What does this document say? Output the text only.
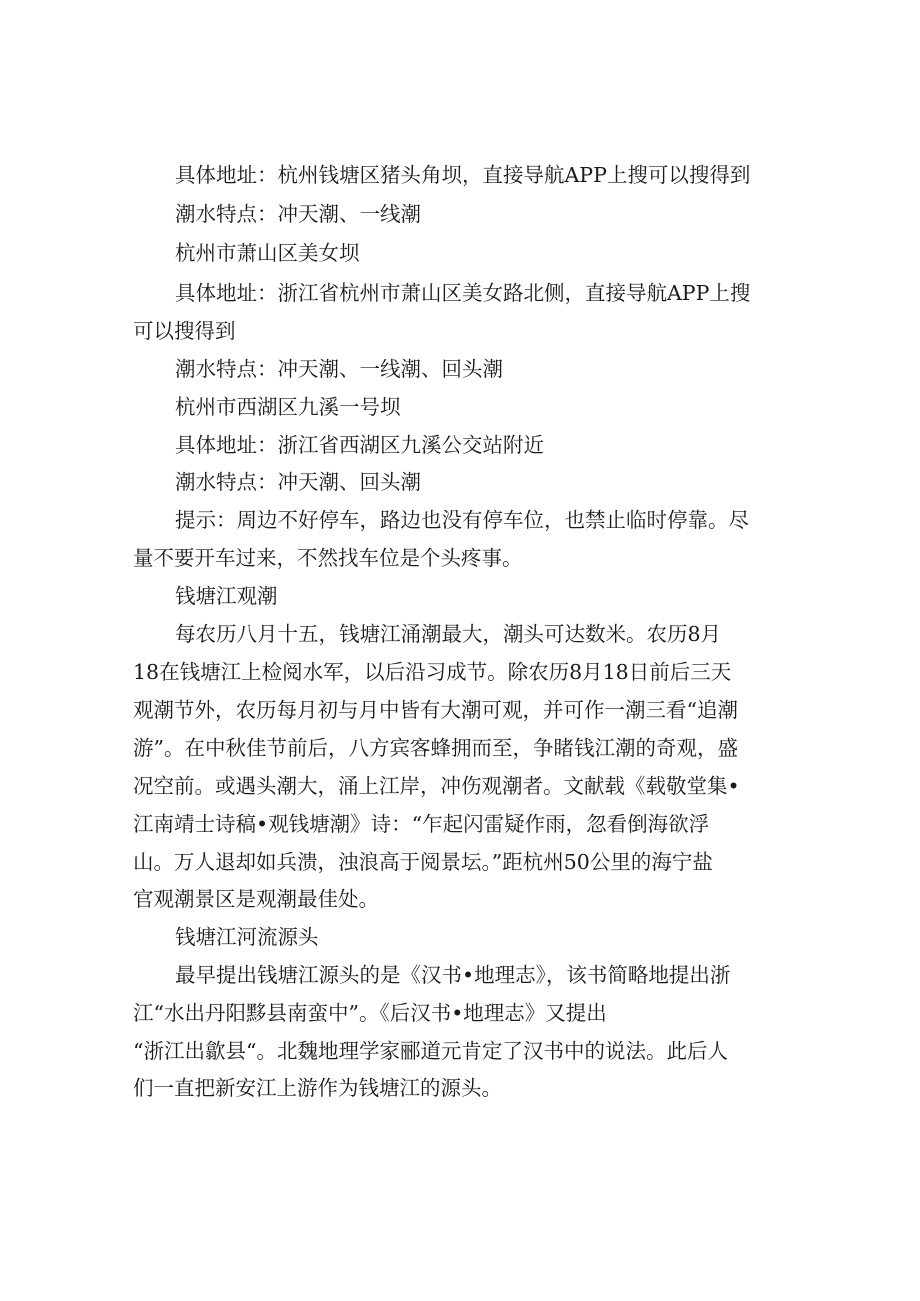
具体地址：杭州钱塘区猪头角坝，直接导航APP上搜可以搜得到
潮水特点：冲天潮、一线潮
杭州市萧山区美女坝
具体地址：浙江省杭州市萧山区美女路北侧，直接导航APP上搜
可以搜得到
潮水特点：冲天潮、一线潮、回头潮
杭州市西湖区九溪一号坝
具体地址：浙江省西湖区九溪公交站附近
潮水特点：冲天潮、回头潮
提示：周边不好停车，路边也没有停车位，也禁止临时停靠。尽
量不要开车过来，不然找车位是个头疼事。
钱塘江观潮
每农历八月十五，钱塘江涌潮最大，潮头可达数米。农历8月
18在钱塘江上检阅水军，以后沿习成节。除农历8月18日前后三天
观潮节外，农历每月初与月中皆有大潮可观，并可作一潮三看“追潮
游”。在中秋佳节前后，八方宾客蜂拥而至，争睹钱江潮的奇观，盛
况空前。或遇头潮大，涌上江岸，冲伤观潮者。文献载《载敬堂集•
江南靖士诗稿•观钱塘潮》诗：“乍起闪雷疑作雨，忽看倒海欲浮
山。万人退却如兵溃，浊浪高于阅景坛。”距杭州50公里的海宁盐
官观潮景区是观潮最佳处。
钱塘江河流源头
最早提出钱塘江源头的是《汉书•地理志》，该书简略地提出浙
江“水出丹阳黟县南蛮中”。《后汉书•地理志》又提出
“浙江出歙县“。北魏地理学家郦道元肯定了汉书中的说法。此后人
们一直把新安江上游作为钱塘江的源头。
